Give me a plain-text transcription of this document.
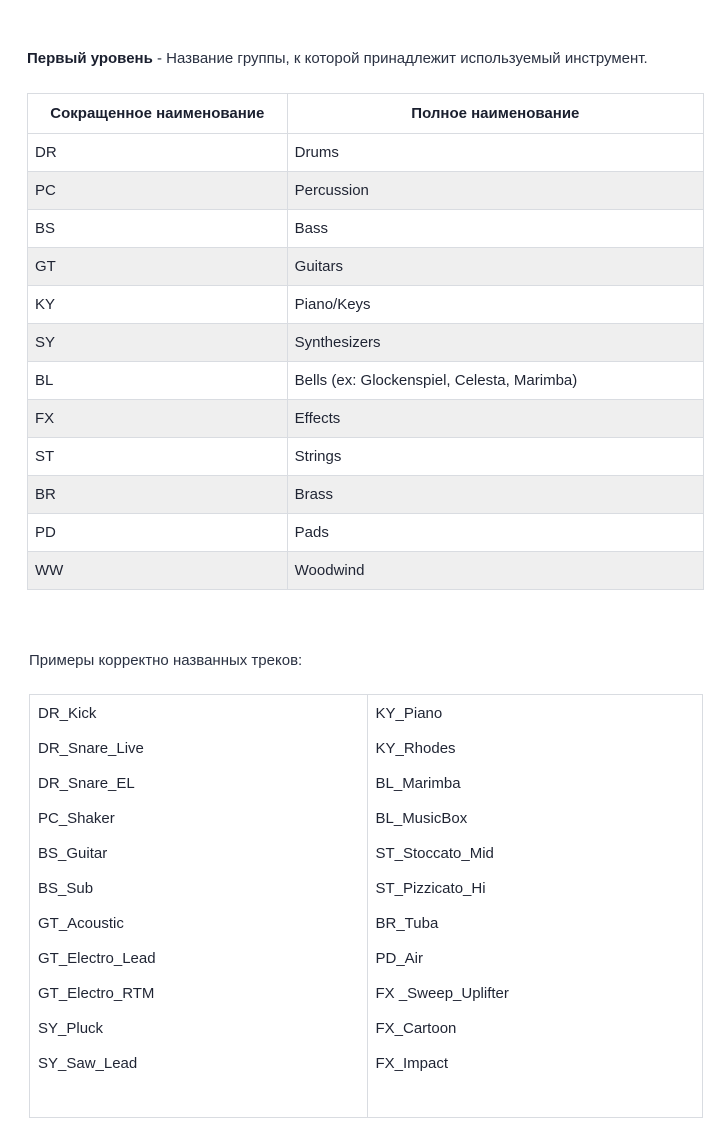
Первый уровень - Название группы, к которой принадлежит используемый инструмент.
Сокращенное наименование	Полное наименование
DR	Drums
PC	Percussion
BS	Bass
GT	Guitars
KY	Piano/Keys
SY	Synthesizers
BL	Bells (ex: Glockenspiel, Celesta, Marimba)
FX	Effects
ST	Strings
BR	Brass
PD	Pads
WW	Woodwind
Примеры корректно названных треков:
DR_Kick
DR_Snare_Live
DR_Snare_EL
PC_Shaker
BS_Guitar
BS_Sub
GT_Acoustic
GT_Electro_Lead
GT_Electro_RTM
SY_Pluck
SY_Saw_Lead
KY_Piano
KY_Rhodes
BL_Marimba
BL_MusicBox
ST_Stoccato_Mid
ST_Pizzicato_Hi
BR_Tuba
PD_Air
FX _Sweep_Uplifter
FX_Cartoon
FX_Impact
